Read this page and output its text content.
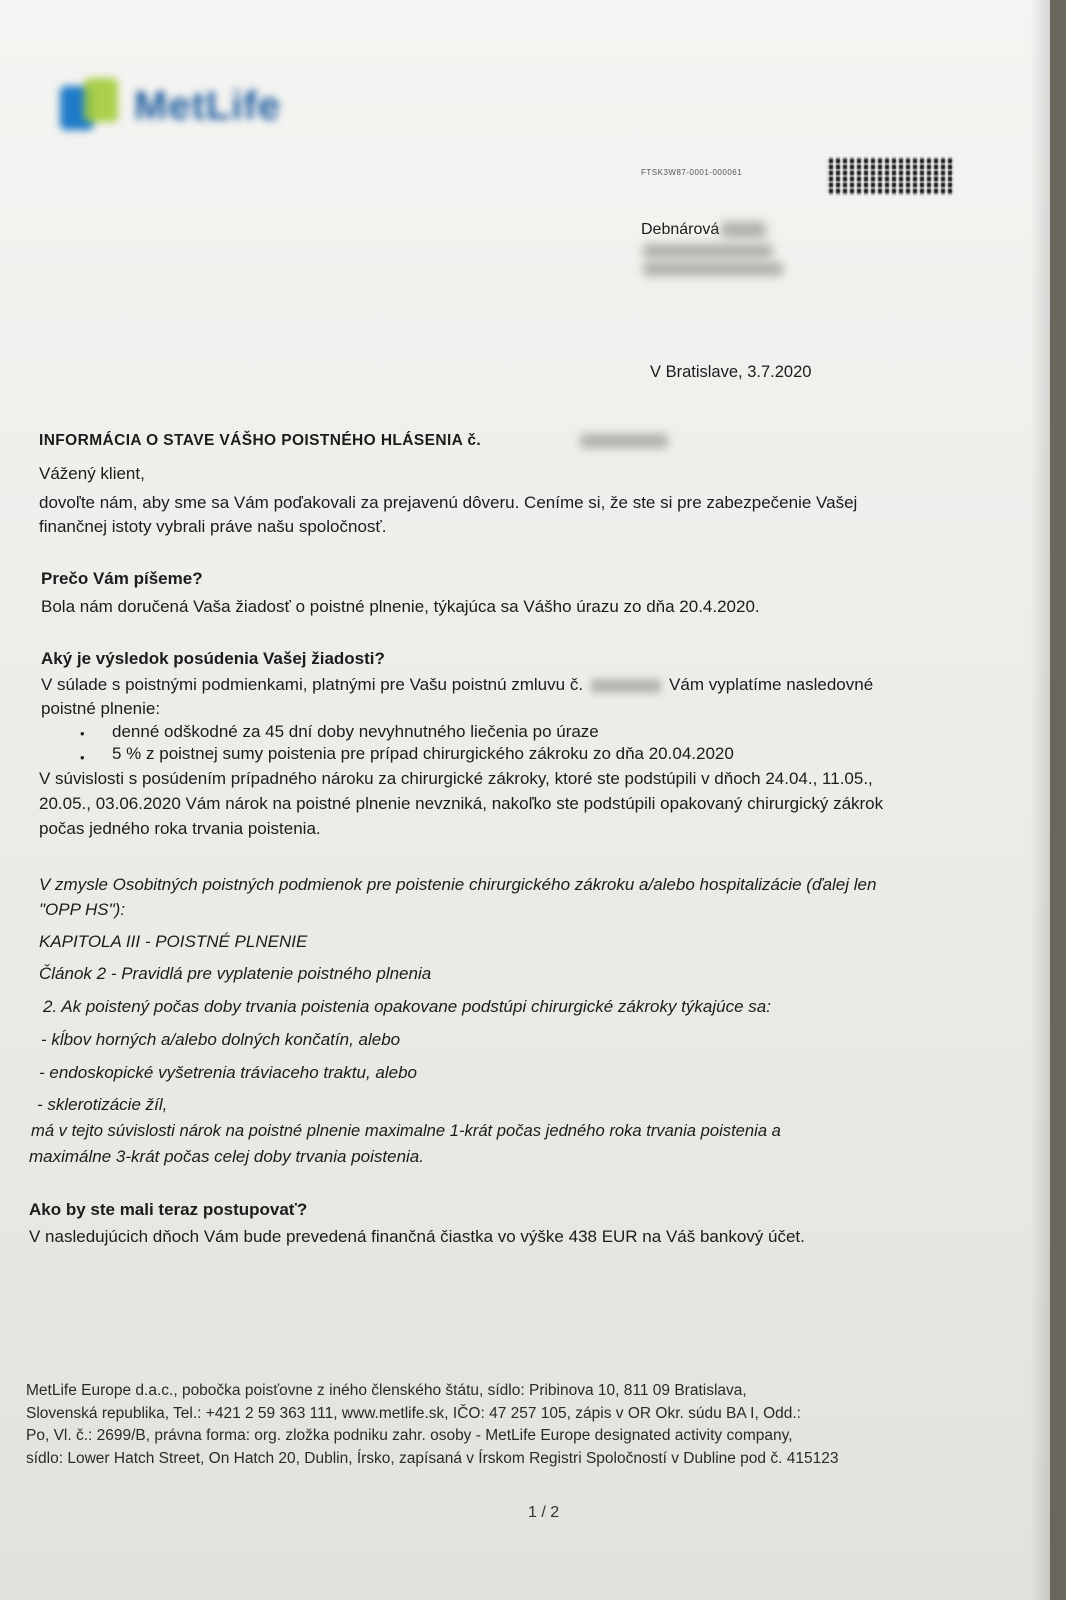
MetLife
FTSK3W87-0001-000061
Debnárová
V Bratislave, 3.7.2020
INFORMÁCIA O STAVE VÁŠHO POISTNÉHO HLÁSENIA č.
Vážený klient,
dovoľte nám, aby sme sa Vám poďakovali za prejavenú dôveru. Ceníme si, že ste si pre zabezpečenie Vašej
finančnej istoty vybrali práve našu spoločnosť.
Prečo Vám píšeme?
Bola nám doručená Vaša žiadosť o poistné plnenie, týkajúca sa Vášho úrazu zo dňa 20.4.2020.
Aký je výsledok posúdenia Vašej žiadosti?
V súlade s poistnými podmienkami, platnými pre Vašu poistnú zmluvu č.	Vám vyplatíme nasledovné
poistné plnenie:
• denné odškodné za 45 dní doby nevyhnutného liečenia po úraze
• 5 % z poistnej sumy poistenia pre prípad chirurgického zákroku zo dňa 20.04.2020
V súvislosti s posúdením prípadného nároku za chirurgické zákroky, ktoré ste podstúpili v dňoch 24.04., 11.05.,
20.05., 03.06.2020 Vám nárok na poistné plnenie nevzniká, nakoľko ste podstúpili opakovaný chirurgický zákrok
počas jedného roka trvania poistenia.
V zmysle Osobitných poistných podmienok pre poistenie chirurgického zákroku a/alebo hospitalizácie (ďalej len
"OPP HS"):
KAPITOLA III - POISTNÉ PLNENIE
Článok 2 - Pravidlá pre vyplatenie poistného plnenia
2. Ak poistený počas doby trvania poistenia opakovane podstúpi chirurgické zákroky týkajúce sa:
- kĺbov horných a/alebo dolných končatín, alebo
- endoskopické vyšetrenia tráviaceho traktu, alebo
- sklerotizácie žíl,
má v tejto súvislosti nárok na poistné plnenie maximalne 1-krát počas jedného roka trvania poistenia a
maximálne 3-krát počas celej doby trvania poistenia.
Ako by ste mali teraz postupovať?
V nasledujúcich dňoch Vám bude prevedená finančná čiastka vo výške 438 EUR na Váš bankový účet.
MetLife Europe d.a.c., pobočka poisťovne z iného členského štátu, sídlo: Pribinova 10, 811 09 Bratislava,
Slovenská republika, Tel.: +421 2 59 363 111, www.metlife.sk, IČO: 47 257 105, zápis v OR Okr. súdu BA I, Odd.:
Po, Vl. č.: 2699/B, právna forma: org. zložka podniku zahr. osoby - MetLife Europe designated activity company,
sídlo: Lower Hatch Street, On Hatch 20, Dublin, Írsko, zapísaná v Írskom Registri Spoločností v Dubline pod č. 415123
1 / 2
